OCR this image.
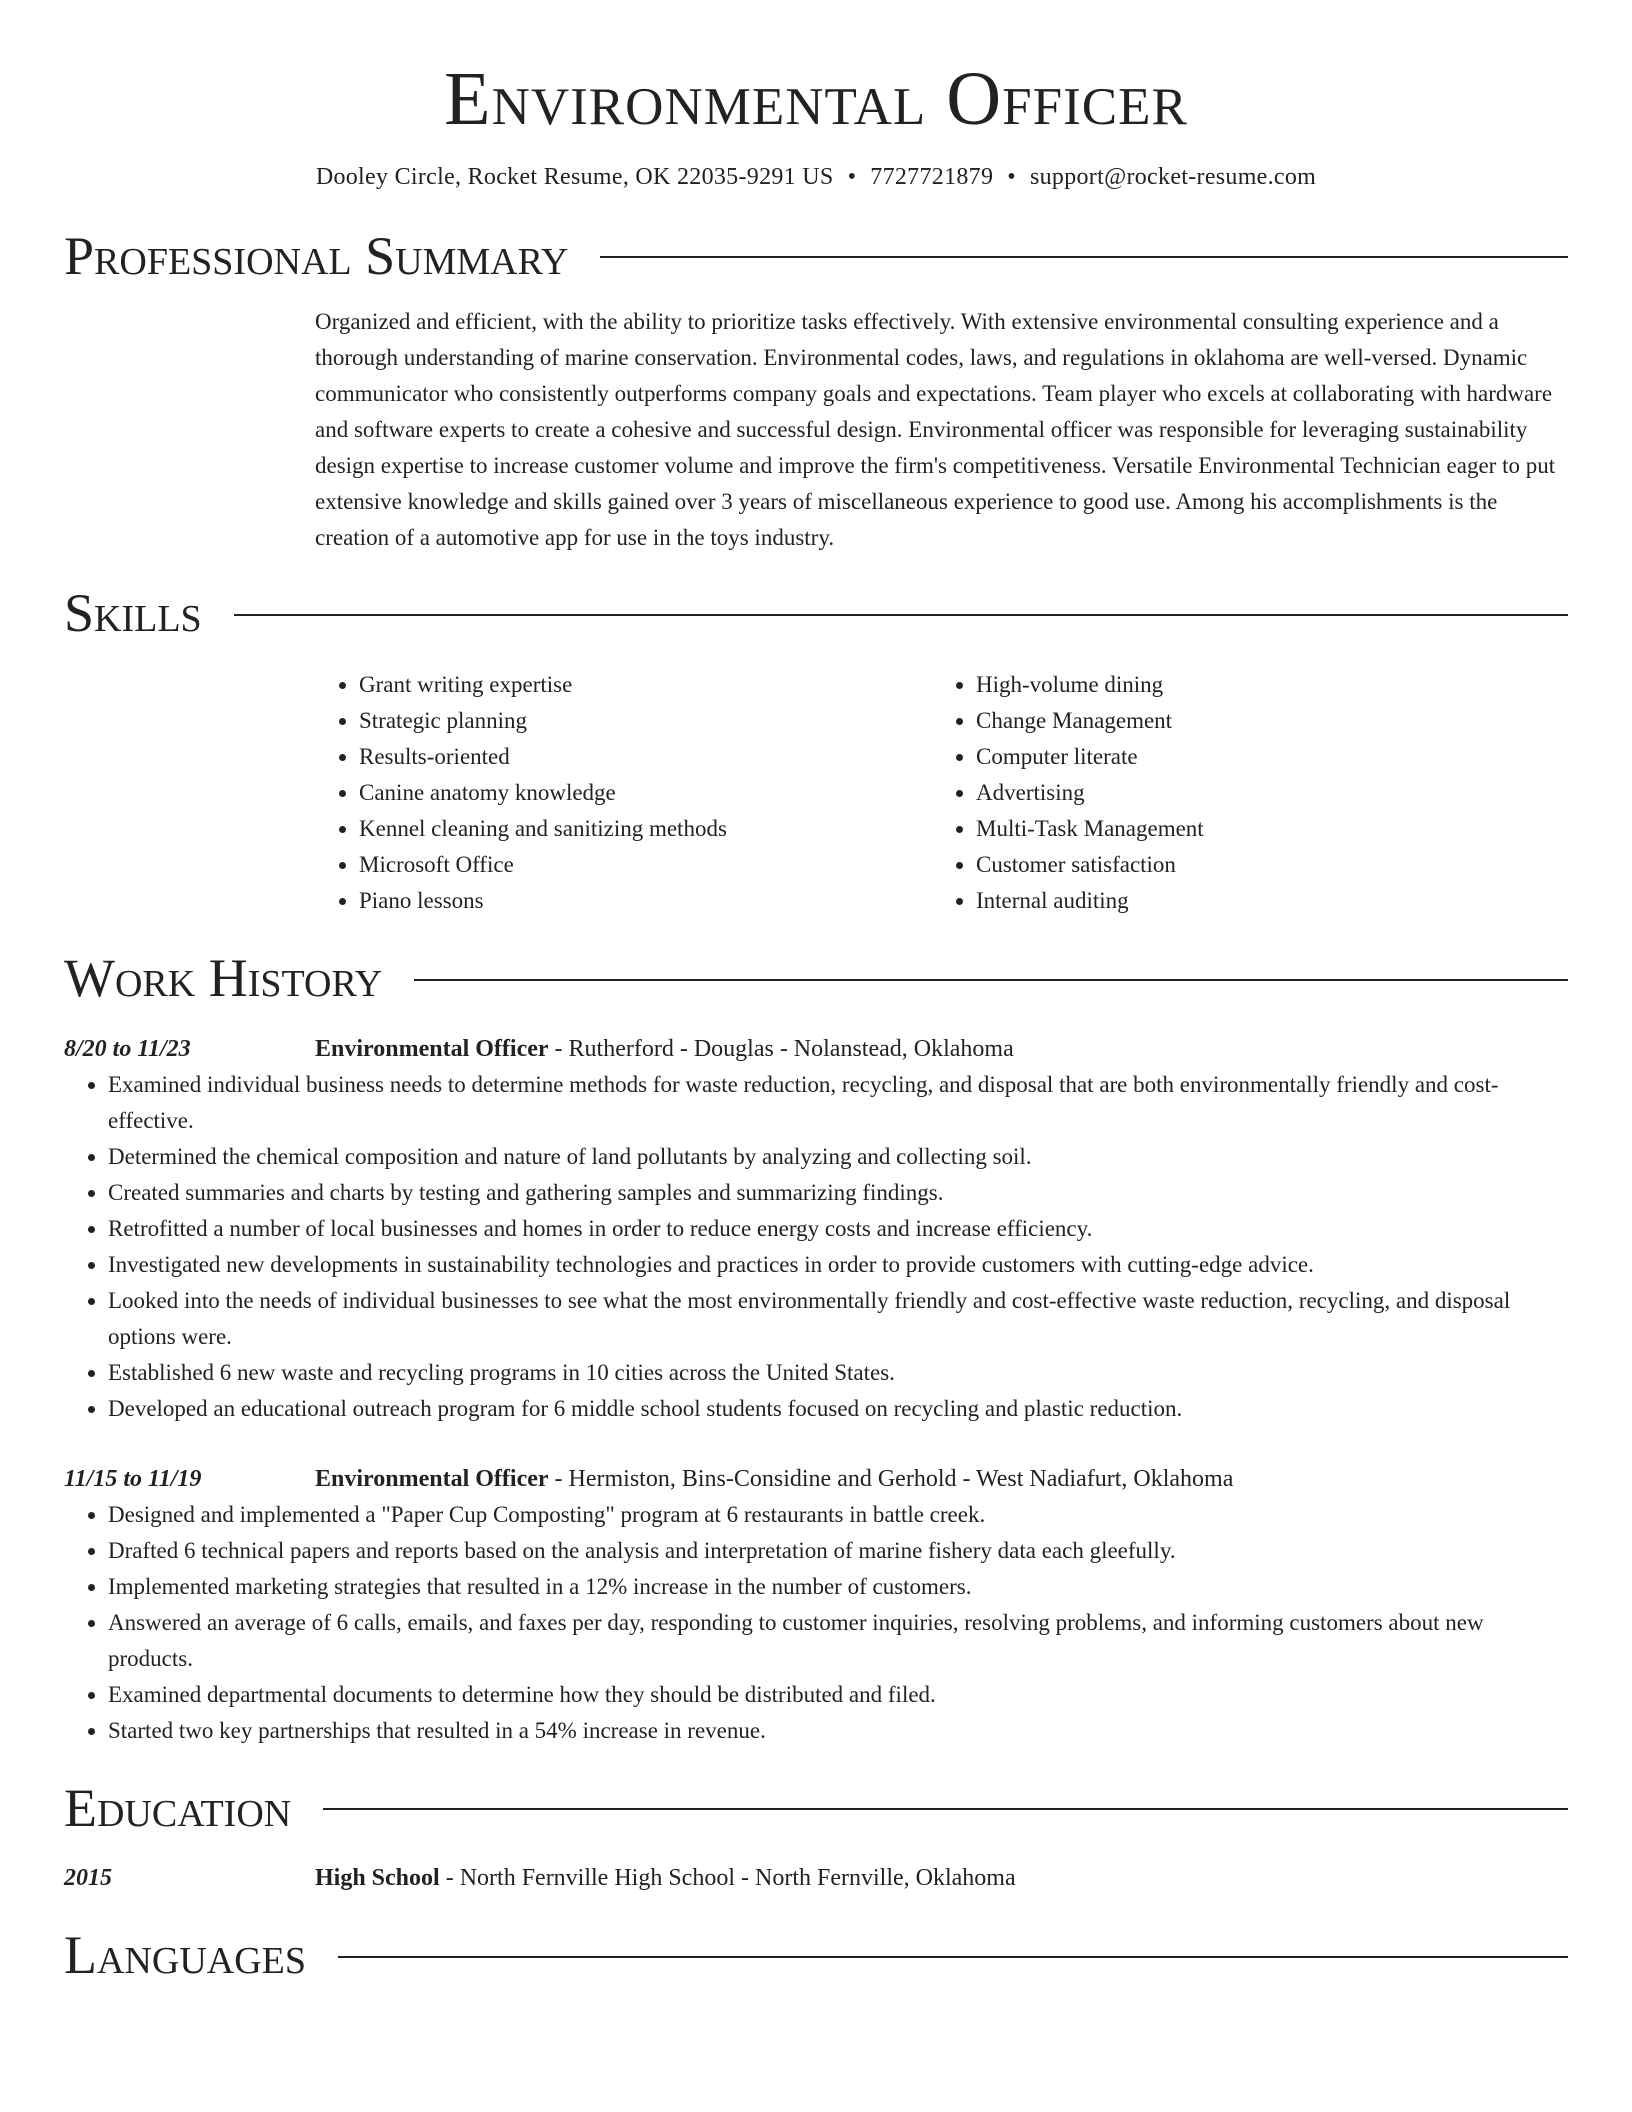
Environmental Officer
Dooley Circle, Rocket Resume, OK 22035-9291 US • 7727721879 • support@rocket-resume.com
Professional Summary
Organized and efficient, with the ability to prioritize tasks effectively. With extensive environmental consulting experience and a thorough understanding of marine conservation. Environmental codes, laws, and regulations in oklahoma are well-versed. Dynamic communicator who consistently outperforms company goals and expectations. Team player who excels at collaborating with hardware and software experts to create a cohesive and successful design. Environmental officer was responsible for leveraging sustainability design expertise to increase customer volume and improve the firm's competitiveness. Versatile Environmental Technician eager to put extensive knowledge and skills gained over 3 years of miscellaneous experience to good use. Among his accomplishments is the creation of a automotive app for use in the toys industry.
Skills
• Grant writing expertise
• Strategic planning
• Results-oriented
• Canine anatomy knowledge
• Kennel cleaning and sanitizing methods
• Microsoft Office
• Piano lessons
• High-volume dining
• Change Management
• Computer literate
• Advertising
• Multi-Task Management
• Customer satisfaction
• Internal auditing
Work History
8/20 to 11/23	Environmental Officer - Rutherford - Douglas - Nolanstead, Oklahoma
• Examined individual business needs to determine methods for waste reduction, recycling, and disposal that are both environmentally friendly and cost-effective.
• Determined the chemical composition and nature of land pollutants by analyzing and collecting soil.
• Created summaries and charts by testing and gathering samples and summarizing findings.
• Retrofitted a number of local businesses and homes in order to reduce energy costs and increase efficiency.
• Investigated new developments in sustainability technologies and practices in order to provide customers with cutting-edge advice.
• Looked into the needs of individual businesses to see what the most environmentally friendly and cost-effective waste reduction, recycling, and disposal options were.
• Established 6 new waste and recycling programs in 10 cities across the United States.
• Developed an educational outreach program for 6 middle school students focused on recycling and plastic reduction.
11/15 to 11/19	Environmental Officer - Hermiston, Bins-Considine and Gerhold - West Nadiafurt, Oklahoma
• Designed and implemented a "Paper Cup Composting" program at 6 restaurants in battle creek.
• Drafted 6 technical papers and reports based on the analysis and interpretation of marine fishery data each gleefully.
• Implemented marketing strategies that resulted in a 12% increase in the number of customers.
• Answered an average of 6 calls, emails, and faxes per day, responding to customer inquiries, resolving problems, and informing customers about new products.
• Examined departmental documents to determine how they should be distributed and filed.
• Started two key partnerships that resulted in a 54% increase in revenue.
Education
2015	High School - North Fernville High School - North Fernville, Oklahoma
Languages
